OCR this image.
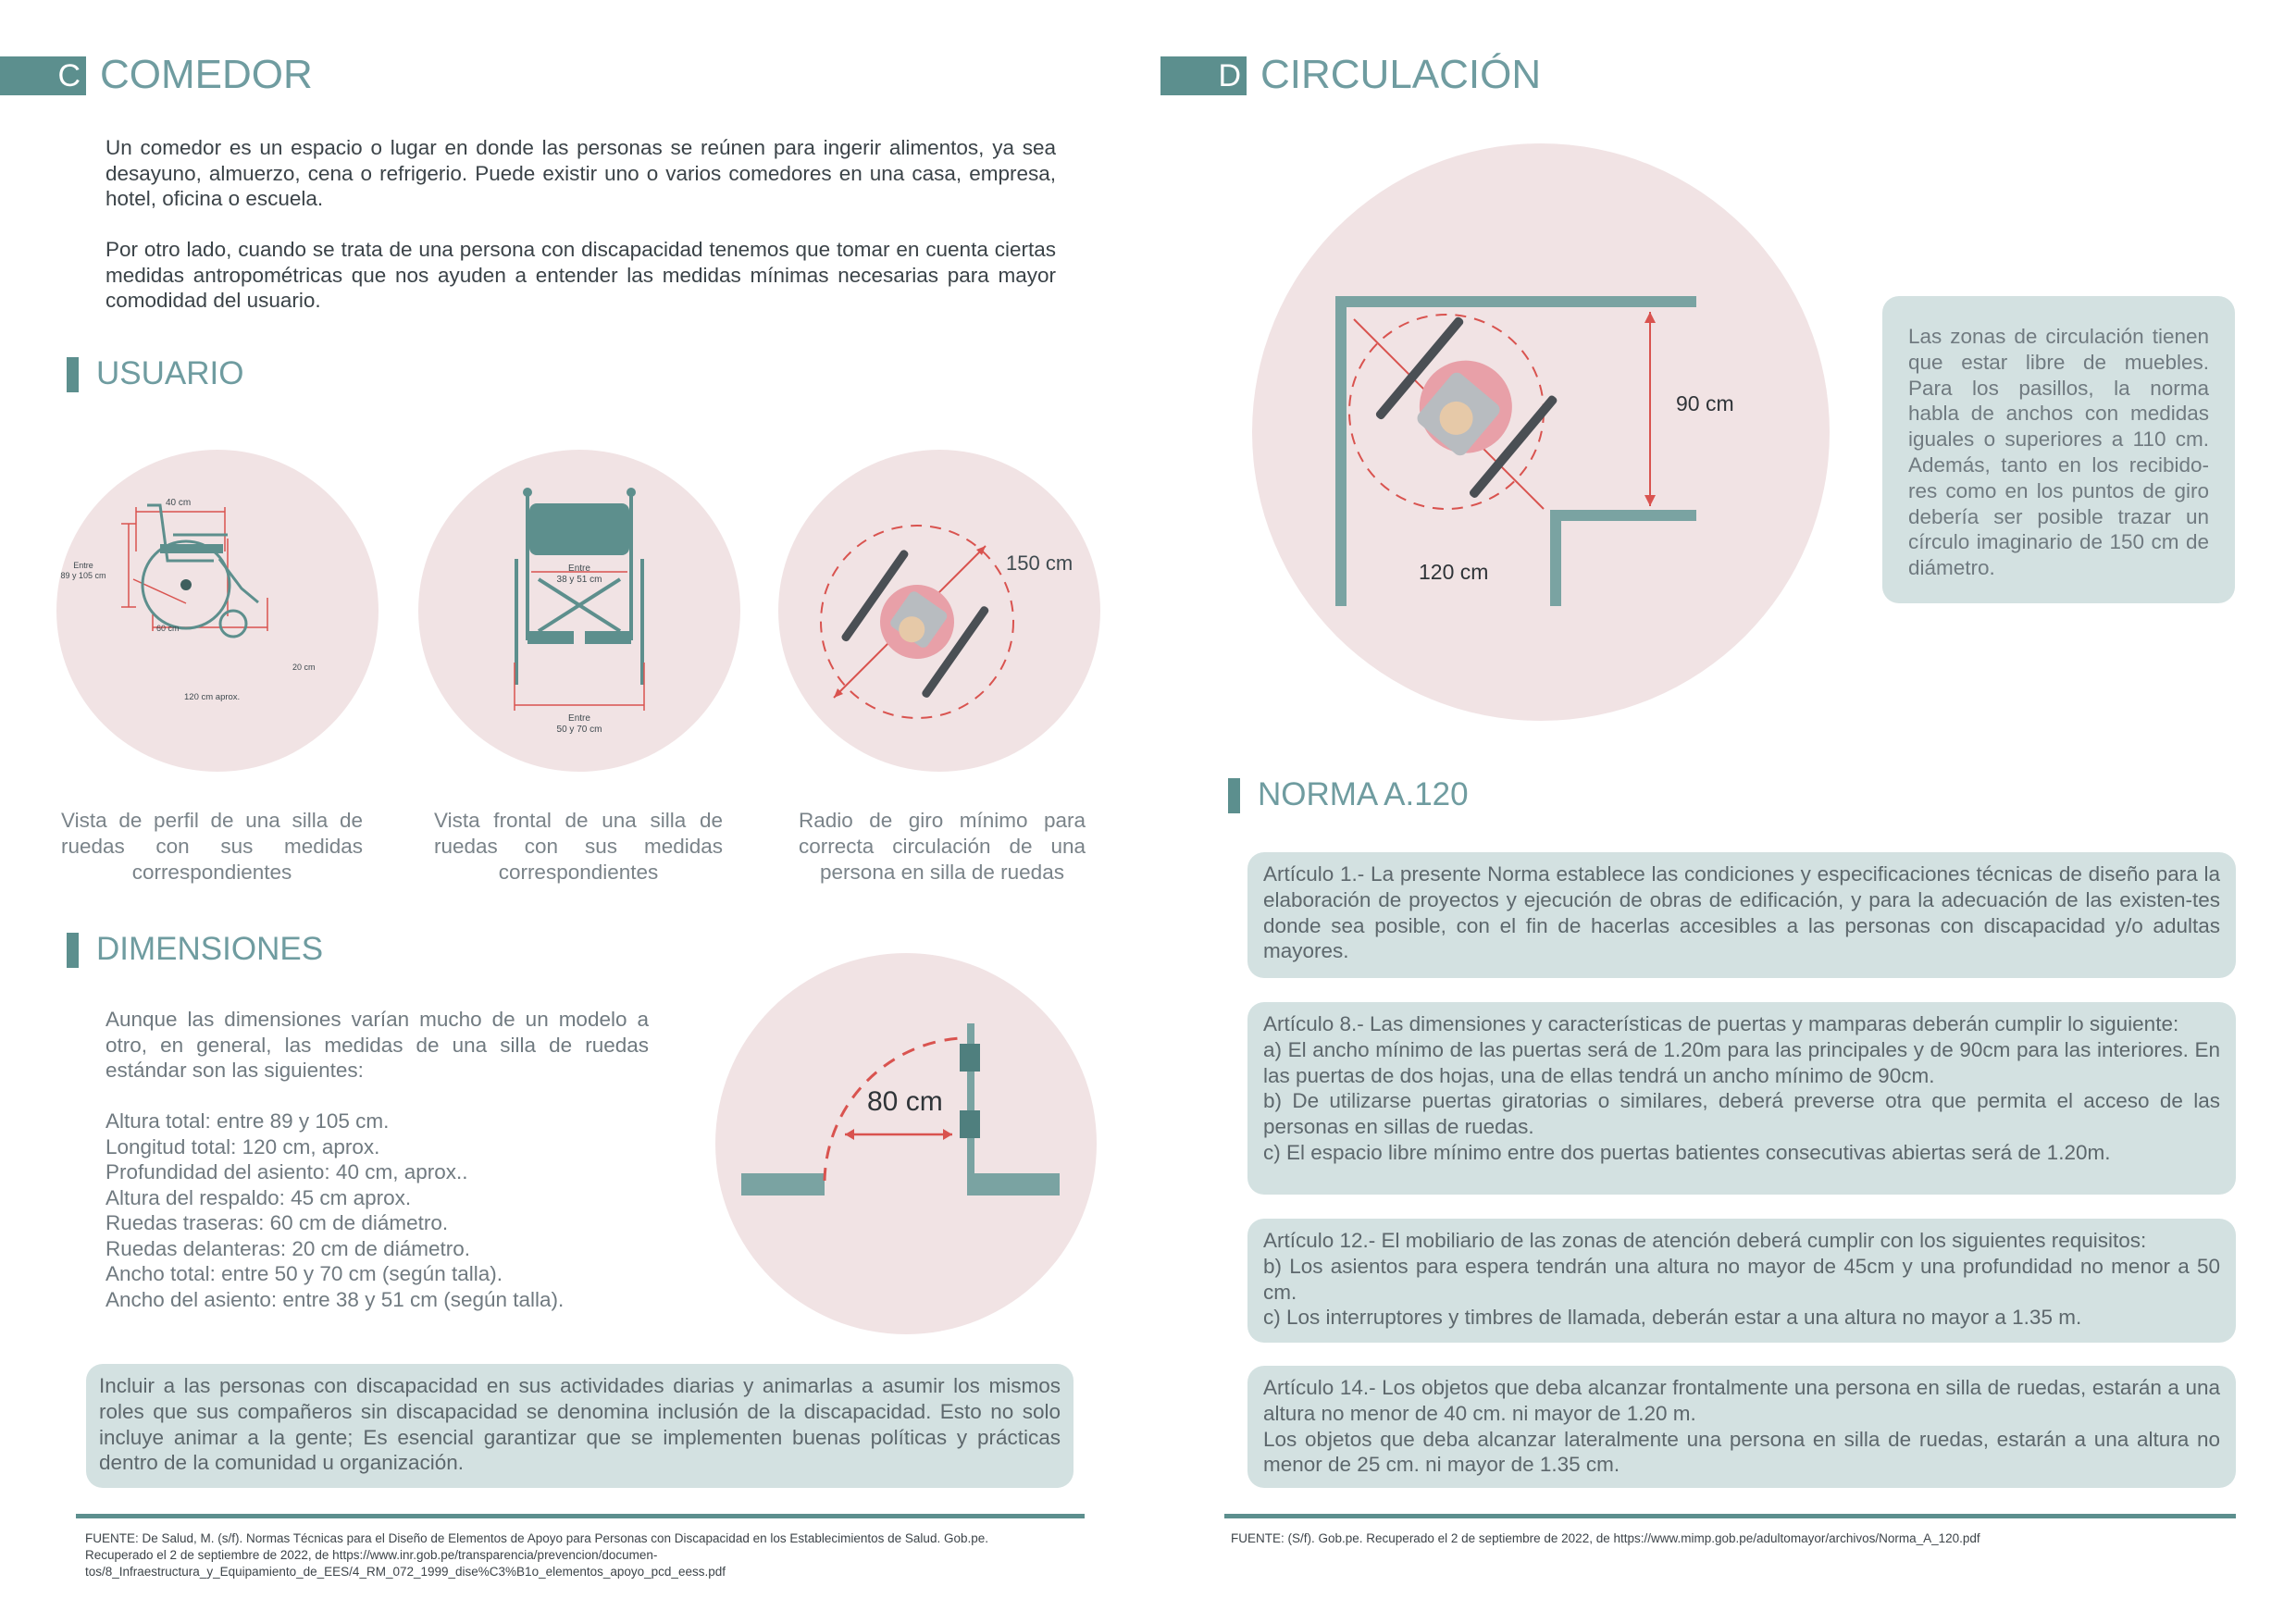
C COMEDOR
Un comedor es un espacio o lugar en donde las personas se reúnen para ingerir alimentos, ya sea desayuno, almuerzo, cena o refrigerio. Puede existir uno o varios comedores en una casa, empresa, hotel, oficina o escuela.
Por otro lado, cuando se trata de una persona con discapacidad tenemos que tomar en cuenta ciertas medidas antropométricas que nos ayuden a entender las medidas mínimas necesarias para mayor comodidad del usuario.
USUARIO
40 cm
Entre
89 y 105 cm
60 cm
20 cm
120 cm aprox.
Entre
38 y 51 cm
Entre
50 y 70 cm
150 cm
Vista de perfil de una silla de ruedas con sus medidas correspondientes
Vista frontal de una silla de ruedas con sus medidas correspondientes
Radio de giro mínimo para correcta circulación de una persona en silla de ruedas
DIMENSIONES
Aunque las dimensiones varían mucho de un modelo a otro, en general, las medidas de una silla de ruedas estándar son las siguientes:
Altura total: entre 89 y 105 cm.
Longitud total: 120 cm, aprox.
Profundidad del asiento: 40 cm, aprox..
Altura del respaldo: 45 cm aprox.
Ruedas traseras: 60 cm de diámetro.
Ruedas delanteras: 20 cm de diámetro.
Ancho total: entre 50 y 70 cm (según talla).
Ancho del asiento: entre 38 y 51 cm (según talla).
80 cm
Incluir a las personas con discapacidad en sus actividades diarias y animarlas a asumir los mismos roles que sus compañeros sin discapacidad se denomina inclusión de la discapacidad. Esto no solo incluye animar a la gente; Es esencial garantizar que se implementen buenas políticas y prácticas dentro de la comunidad u organización.
FUENTE: De Salud, M. (s/f). Normas Técnicas para el Diseño de Elementos de Apoyo para Personas con Discapacidad en los Establecimientos de Salud. Gob.pe.
Recuperado el 2 de septiembre de 2022, de https://www.inr.gob.pe/transparencia/prevencion/documen-
tos/8_Infraestructura_y_Equipamiento_de_EES/4_RM_072_1999_dise%C3%B1o_elementos_apoyo_pcd_eess.pdf
D CIRCULACIÓN
90 cm
120 cm
Las zonas de circulación tienen que estar libre de muebles. Para los pasillos, la norma habla de anchos con medidas iguales o superiores a 110 cm. Además, tanto en los recibido-res como en los puntos de giro debería ser posible trazar un círculo imaginario de 150 cm de diámetro.
NORMA A.120
Artículo 1.- La presente Norma establece las condiciones y especificaciones técnicas de diseño para la elaboración de proyectos y ejecución de obras de edificación, y para la adecuación de las existen-tes donde sea posible, con el fin de hacerlas accesibles a las personas con discapacidad y/o adultas mayores.
Artículo 8.- Las dimensiones y características de puertas y mamparas deberán cumplir lo siguiente:
a) El ancho mínimo de las puertas será de 1.20m para las principales y de 90cm para las interiores. En las puertas de dos hojas, una de ellas tendrá un ancho mínimo de 90cm.
b) De utilizarse puertas giratorias o similares, deberá preverse otra que permita el acceso de las personas en sillas de ruedas.
c) El espacio libre mínimo entre dos puertas batientes consecutivas abiertas será de 1.20m.
Artículo 12.- El mobiliario de las zonas de atención deberá cumplir con los siguientes requisitos:
b) Los asientos para espera tendrán una altura no mayor de 45cm y una profundidad no menor a 50 cm.
c) Los interruptores y timbres de llamada, deberán estar a una altura no mayor a 1.35 m.
Artículo 14.- Los objetos que deba alcanzar frontalmente una persona en silla de ruedas, estarán a una altura no menor de 40 cm. ni mayor de 1.20 m.
Los objetos que deba alcanzar lateralmente una persona en silla de ruedas, estarán a una altura no menor de 25 cm. ni mayor de 1.35 cm.
FUENTE: (S/f). Gob.pe. Recuperado el 2 de septiembre de 2022, de https://www.mimp.gob.pe/adultomayor/archivos/Norma_A_120.pdf
